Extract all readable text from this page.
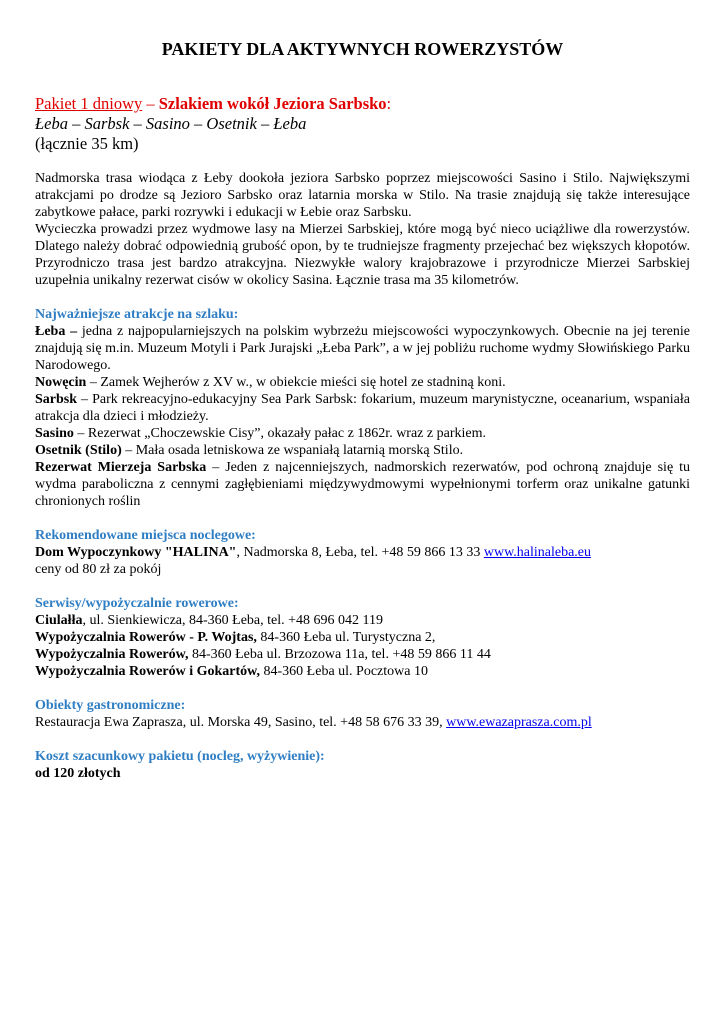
PAKIETY DLA AKTYWNYCH ROWERZYSTÓW
Pakiet 1 dniowy – Szlakiem wokół Jeziora Sarbsko:
Łeba – Sarbsk – Sasino – Osetnik – Łeba
(łącznie 35 km)

Nadmorska trasa wiodąca z Łeby dookoła jeziora Sarbsko poprzez miejscowości Sasino i Stilo. Największymi atrakcjami po drodze są Jezioro Sarbsko oraz latarnia morska w Stilo. Na trasie znajdują się także interesujące zabytkowe pałace, parki rozrywki i edukacji w Łebie oraz Sarbsku.

Wycieczka prowadzi przez wydmowe lasy na Mierzei Sarbskiej, które mogą być nieco uciążliwe dla rowerzystów. Dlatego należy dobrać odpowiednią grubość opon, by te trudniejsze fragmenty przejechać bez większych kłopotów. Przyrodniczo trasa jest bardzo atrakcyjna. Niezwykłe walory krajobrazowe i przyrodnicze Mierzei Sarbskiej uzupełnia unikalny rezerwat cisów w okolicy Sasina. Łącznie trasa ma 35 kilometrów.

Najważniejsze atrakcje na szlaku:

Łeba – jedna z najpopularniejszych na polskim wybrzeżu miejscowości wypoczynkowych. Obecnie na jej terenie znajdują się m.in. Muzeum Motyli i Park Jurajski „Łeba Park”, a w jej pobliżu ruchome wydmy Słowińskiego Parku Narodowego.

Nowęcin – Zamek Wejherów z XV w., w obiekcie mieści się hotel ze stadniną koni.

Sarbsk – Park rekreacyjno-edukacyjny Sea Park Sarbsk: fokarium, muzeum marynistyczne, oceanarium, wspaniała atrakcja dla dzieci i młodzieży.

Sasino – Rezerwat „Choczewskie Cisy”, okazały pałac z 1862r. wraz z parkiem.

Osetnik (Stilo) – Mała osada letniskowa ze wspaniałą latarnią morską Stilo.

Rezerwat Mierzeja Sarbska – Jeden z najcenniejszych, nadmorskich rezerwatów, pod ochroną znajduje się tu wydma paraboliczna z cennymi zagłębieniami międzywydmowymi wypełnionymi torferm oraz unikalne gatunki chronionych roślin

Rekomendowane miejsca noclegowe:

Dom Wypoczynkowy "HALINA", Nadmorska 8, Łeba, tel. +48 59 866 13 33 www.halinaleba.eu

ceny od 80 zł za pokój

Serwisy/wypożyczalnie rowerowe:

Ciulałła, ul. Sienkiewicza, 84-360 Łeba, tel. +48 696 042 119

Wypożyczalnia Rowerów - P. Wojtas, 84-360 Łeba ul. Turystyczna 2,

Wypożyczalnia Rowerów, 84-360 Łeba ul. Brzozowa 11a, tel. +48 59 866 11 44

Wypożyczalnia Rowerów i Gokartów, 84-360 Łeba ul. Pocztowa 10

Obiekty gastronomiczne:

Restauracja Ewa Zaprasza, ul. Morska 49, Sasino, tel. +48 58 676 33 39, www.ewazaprasza.com.pl

Koszt szacunkowy pakietu (nocleg, wyżywienie):

od 120 złotych
